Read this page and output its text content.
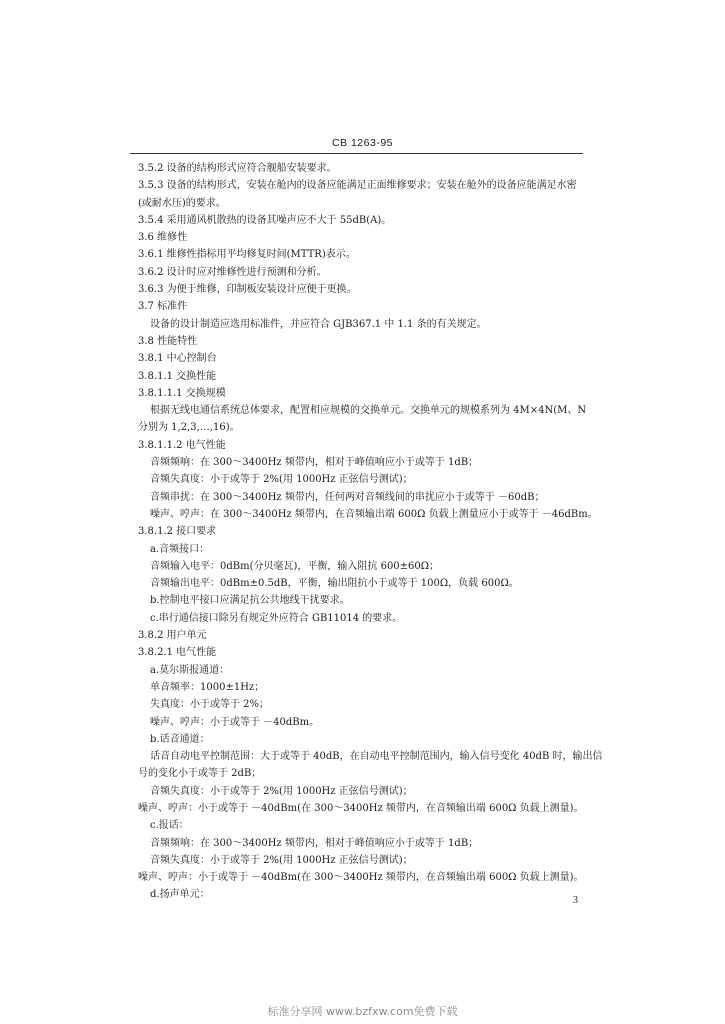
CB 1263-95
3.5.2 设备的结构形式应符合舰船安装要求。
3.5.3 设备的结构形式，安装在舱内的设备应能满足正面维修要求；安装在舱外的设备应能满足水密
(或耐水压)的要求。
3.5.4 采用通风机散热的设备其噪声应不大于 55dB(A)。
3.6 维修性
3.6.1 维修性指标用平均修复时间(MTTR)表示。
3.6.2 设计时应对维修性进行预测和分析。
3.6.3 为便于维修，印制板安装设计应便于更换。
3.7 标准件
设备的设计制造应选用标准件，并应符合 GJB367.1 中 1.1 条的有关规定。
3.8 性能特性
3.8.1 中心控制台
3.8.1.1 交换性能
3.8.1.1.1 交换规模
根据无线电通信系统总体要求，配置相应规模的交换单元。交换单元的规模系列为 4M×4N(M、N
分别为 1,2,3,…,16)。
3.8.1.1.2 电气性能
音频频响：在 300～3400Hz 频带内，相对于峰值响应小于或等于 1dB；
音频失真度：小于或等于 2%(用 1000Hz 正弦信号测试)；
音频串扰：在 300～3400Hz 频带内，任何两对音频线间的串扰应小于或等于 －60dB；
噪声、哼声：在 300～3400Hz 频带内，在音频输出端 600Ω 负载上测量应小于或等于 －46dBm。
3.8.1.2 接口要求
a.音频接口：
音频输入电平：0dBm(分贝毫瓦)，平衡，输入阻抗 600±60Ω；
音频输出电平：0dBm±0.5dB，平衡，输出阻抗小于或等于 100Ω，负载 600Ω。
b.控制电平接口应满足抗公共地线干扰要求。
c.串行通信接口除另有规定外应符合 GB11014 的要求。
3.8.2 用户单元
3.8.2.1 电气性能
a.莫尔斯报通道：
单音频率：1000±1Hz；
失真度：小于或等于 2%；
噪声、哼声：小于或等于 －40dBm。
b.话音通道：
话音自动电平控制范围：大于或等于 40dB，在自动电平控制范围内，输入信号变化 40dB 时，输出信
号的变化小于或等于 2dB；
音频失真度：小于或等于 2%(用 1000Hz 正弦信号测试)；
噪声、哼声：小于或等于 －40dBm(在 300～3400Hz 频带内，在音频输出端 600Ω 负载上测量)。
c.报话：
音频频响：在 300～3400Hz 频带内，相对于峰值响应小于或等于 1dB；
音频失真度：小于或等于 2%(用 1000Hz 正弦信号测试)；
噪声、哼声：小于或等于 －40dBm(在 300～3400Hz 频带内，在音频输出端 600Ω 负载上测量)。
d.扬声单元：
3
标准分享网 www.bzfxw.com免费下载
